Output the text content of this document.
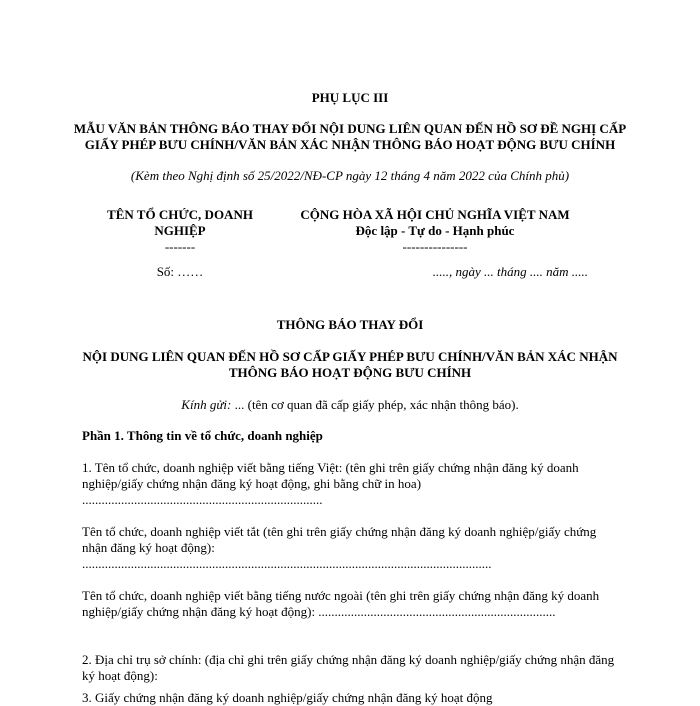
PHỤ LỤC III
MẪU VĂN BẢN THÔNG BÁO THAY ĐỔI NỘI DUNG LIÊN QUAN ĐẾN HỒ SƠ ĐỀ NGHỊ CẤP GIẤY PHÉP BƯU CHÍNH/VĂN BẢN XÁC NHẬN THÔNG BÁO HOẠT ĐỘNG BƯU CHÍNH
(Kèm theo Nghị định số 25/2022/NĐ-CP ngày 12 tháng 4 năm 2022 của Chính phủ)
TÊN TỔ CHỨC, DOANH NGHIỆP
CỘNG HÒA XÃ HỘI CHỦ NGHĨA VIỆT NAM
Độc lập - Tự do - Hạnh phúc
-------	---------------
Số: ……	....., ngày ... tháng .... năm .....
THÔNG BÁO THAY ĐỔI
NỘI DUNG LIÊN QUAN ĐẾN HỒ SƠ CẤP GIẤY PHÉP BƯU CHÍNH/VĂN BẢN XÁC NHẬN THÔNG BÁO HOẠT ĐỘNG BƯU CHÍNH
Kính gửi: ... (tên cơ quan đã cấp giấy phép, xác nhận thông báo).
Phần 1. Thông tin về tổ chức, doanh nghiệp
1. Tên tổ chức, doanh nghiệp viết bằng tiếng Việt: (tên ghi trên giấy chứng nhận đăng ký doanh nghiệp/giấy chứng nhận đăng ký hoạt động, ghi bằng chữ in hoa) ..........................................................................
Tên tổ chức, doanh nghiệp viết tắt (tên ghi trên giấy chứng nhận đăng ký doanh nghiệp/giấy chứng nhận đăng ký hoạt động): ..............................................................................................................................
Tên tổ chức, doanh nghiệp viết bằng tiếng nước ngoài (tên ghi trên giấy chứng nhận đăng ký doanh nghiệp/giấy chứng nhận đăng ký hoạt động): .........................................................................
2. Địa chỉ trụ sở chính: (địa chỉ ghi trên giấy chứng nhận đăng ký doanh nghiệp/giấy chứng nhận đăng ký hoạt động):
3. Giấy chứng nhận đăng ký doanh nghiệp/giấy chứng nhận đăng ký hoạt động
